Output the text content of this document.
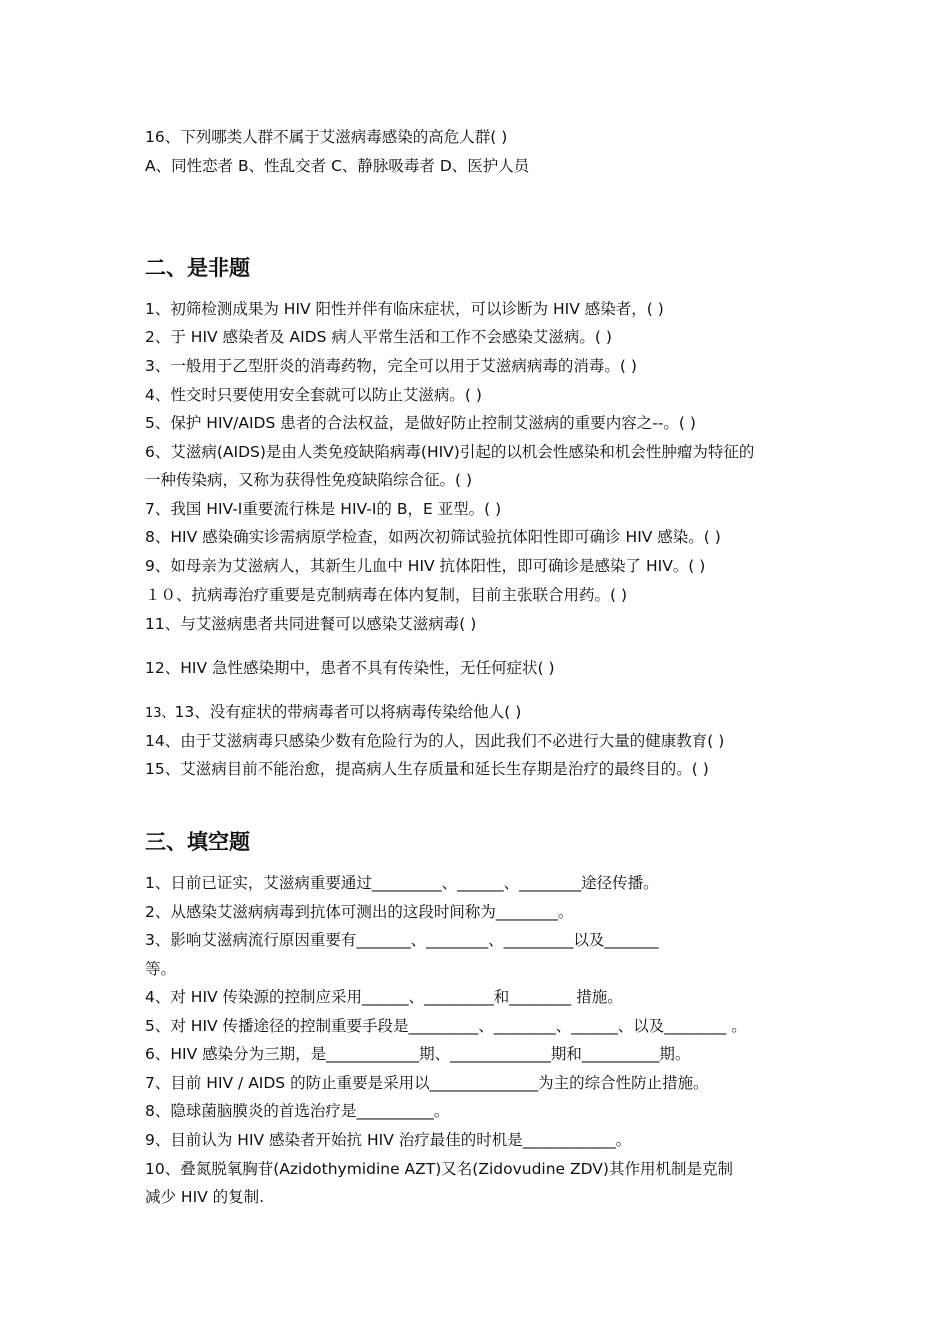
16、下列哪类人群不属于艾滋病毒感染的高危人群( )
A、同性恋者 B、性乱交者 C、静脉吸毒者 D、医护人员
二、是非题
1、初筛检测成果为 HIV 阳性并伴有临床症状，可以诊断为 HIV 感染者，( )
2、于 HIV 感染者及 AIDS 病人平常生活和工作不会感染艾滋病。( )
3、一般用于乙型肝炎的消毒药物，完全可以用于艾滋病病毒的消毒。( )
4、性交时只要使用安全套就可以防止艾滋病。( )
5、保护 HIV/AIDS 患者的合法权益，是做好防止控制艾滋病的重要内容之--。( )
6、艾滋病(AIDS)是由人类免疫缺陷病毒(HIV)引起的以机会性感染和机会性肿瘤为特征的
一种传染病，又称为获得性免疫缺陷综合征。( )
7、我国 HIV-Ⅰ重要流行株是 HIV-Ⅰ的 B，E 亚型。( )
8、HIV 感染确实诊需病原学检查，如两次初筛试验抗体阳性即可确诊 HIV 感染。( )
9、如母亲为艾滋病人，其新生儿血中 HIV 抗体阳性，即可确诊是感染了 HIV。( )
１０、抗病毒治疗重要是克制病毒在体内复制，目前主张联合用药。( )
11、与艾滋病患者共同进餐可以感染艾滋病毒( )
12、HIV 急性感染期中，患者不具有传染性，无任何症状( )
13、13、没有症状的带病毒者可以将病毒传染给他人( )
14、由于艾滋病毒只感染少数有危险行为的人，因此我们不必进行大量的健康教育( )
15、艾滋病目前不能治愈，提高病人生存质量和延长生存期是治疗的最终目的。( )
三、填空题
1、日前已证实，艾滋病重要通过_________、______、________途径传播。
2、从感染艾滋病病毒到抗体可测出的这段时间称为________。
3、影响艾滋病流行原因重要有_______、________、_________以及_______
等。
4、对 HIV 传染源的控制应采用______、_________和________ 措施。
5、对 HIV 传播途径的控制重要手段是_________、________、______、以及________ 。
6、HIV 感染分为三期，是____________期、_____________期和__________期。
7、目前 HIV / AIDS 的防止重要是采用以______________为主的综合性防止措施。
8、隐球菌脑膜炎的首选治疗是__________。
9、目前认为 HIV 感染者开始抗 HIV 治疗最佳的时机是____________。
10、叠氮脱氧胸苷(Azidothymidine AZT)又名(Zidovudine ZDV)其作用机制是克制
减少 HIV 的复制.
